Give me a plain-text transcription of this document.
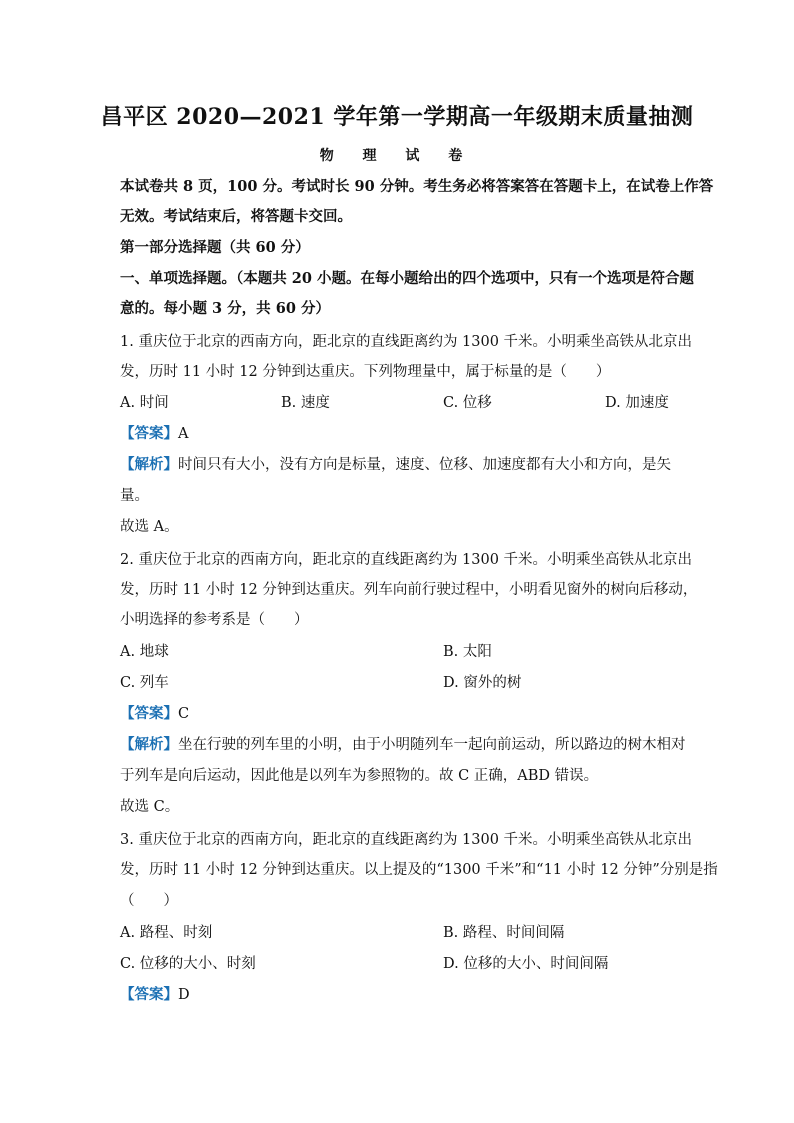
昌平区 2020—2021 学年第一学期高一年级期末质量抽测
物 理 试 卷
本试卷共 8 页，100 分。考试时长 90 分钟。考生务必将答案答在答题卡上，在试卷上作答
无效。考试结束后，将答题卡交回。
第一部分选择题（共 60 分）
一、单项选择题。（本题共 20 小题。在每小题给出的四个选项中，只有一个选项是符合题
意的。每小题 3 分，共 60 分）
1. 重庆位于北京的西南方向，距北京的直线距离约为 1300 千米。小明乘坐高铁从北京出
发，历时 11 小时 12 分钟到达重庆。下列物理量中，属于标量的是（　　）
A. 时间	B. 速度	C. 位移	D. 加速度
【答案】A
【解析】时间只有大小，没有方向是标量，速度、位移、加速度都有大小和方向，是矢
量。
故选 A。
2. 重庆位于北京的西南方向，距北京的直线距离约为 1300 千米。小明乘坐高铁从北京出
发，历时 11 小时 12 分钟到达重庆。列车向前行驶过程中，小明看见窗外的树向后移动，
小明选择的参考系是（　　）
A. 地球	B. 太阳
C. 列车	D. 窗外的树
【答案】C
【解析】坐在行驶的列车里的小明，由于小明随列车一起向前运动，所以路边的树木相对
于列车是向后运动，因此他是以列车为参照物的。故 C 正确，ABD 错误。
故选 C。
3. 重庆位于北京的西南方向，距北京的直线距离约为 1300 千米。小明乘坐高铁从北京出
发，历时 11 小时 12 分钟到达重庆。以上提及的“1300 千米”和“11 小时 12 分钟”分别是指
（　　）
A. 路程、时刻	B. 路程、时间间隔
C. 位移的大小、时刻	D. 位移的大小、时间间隔
【答案】D
